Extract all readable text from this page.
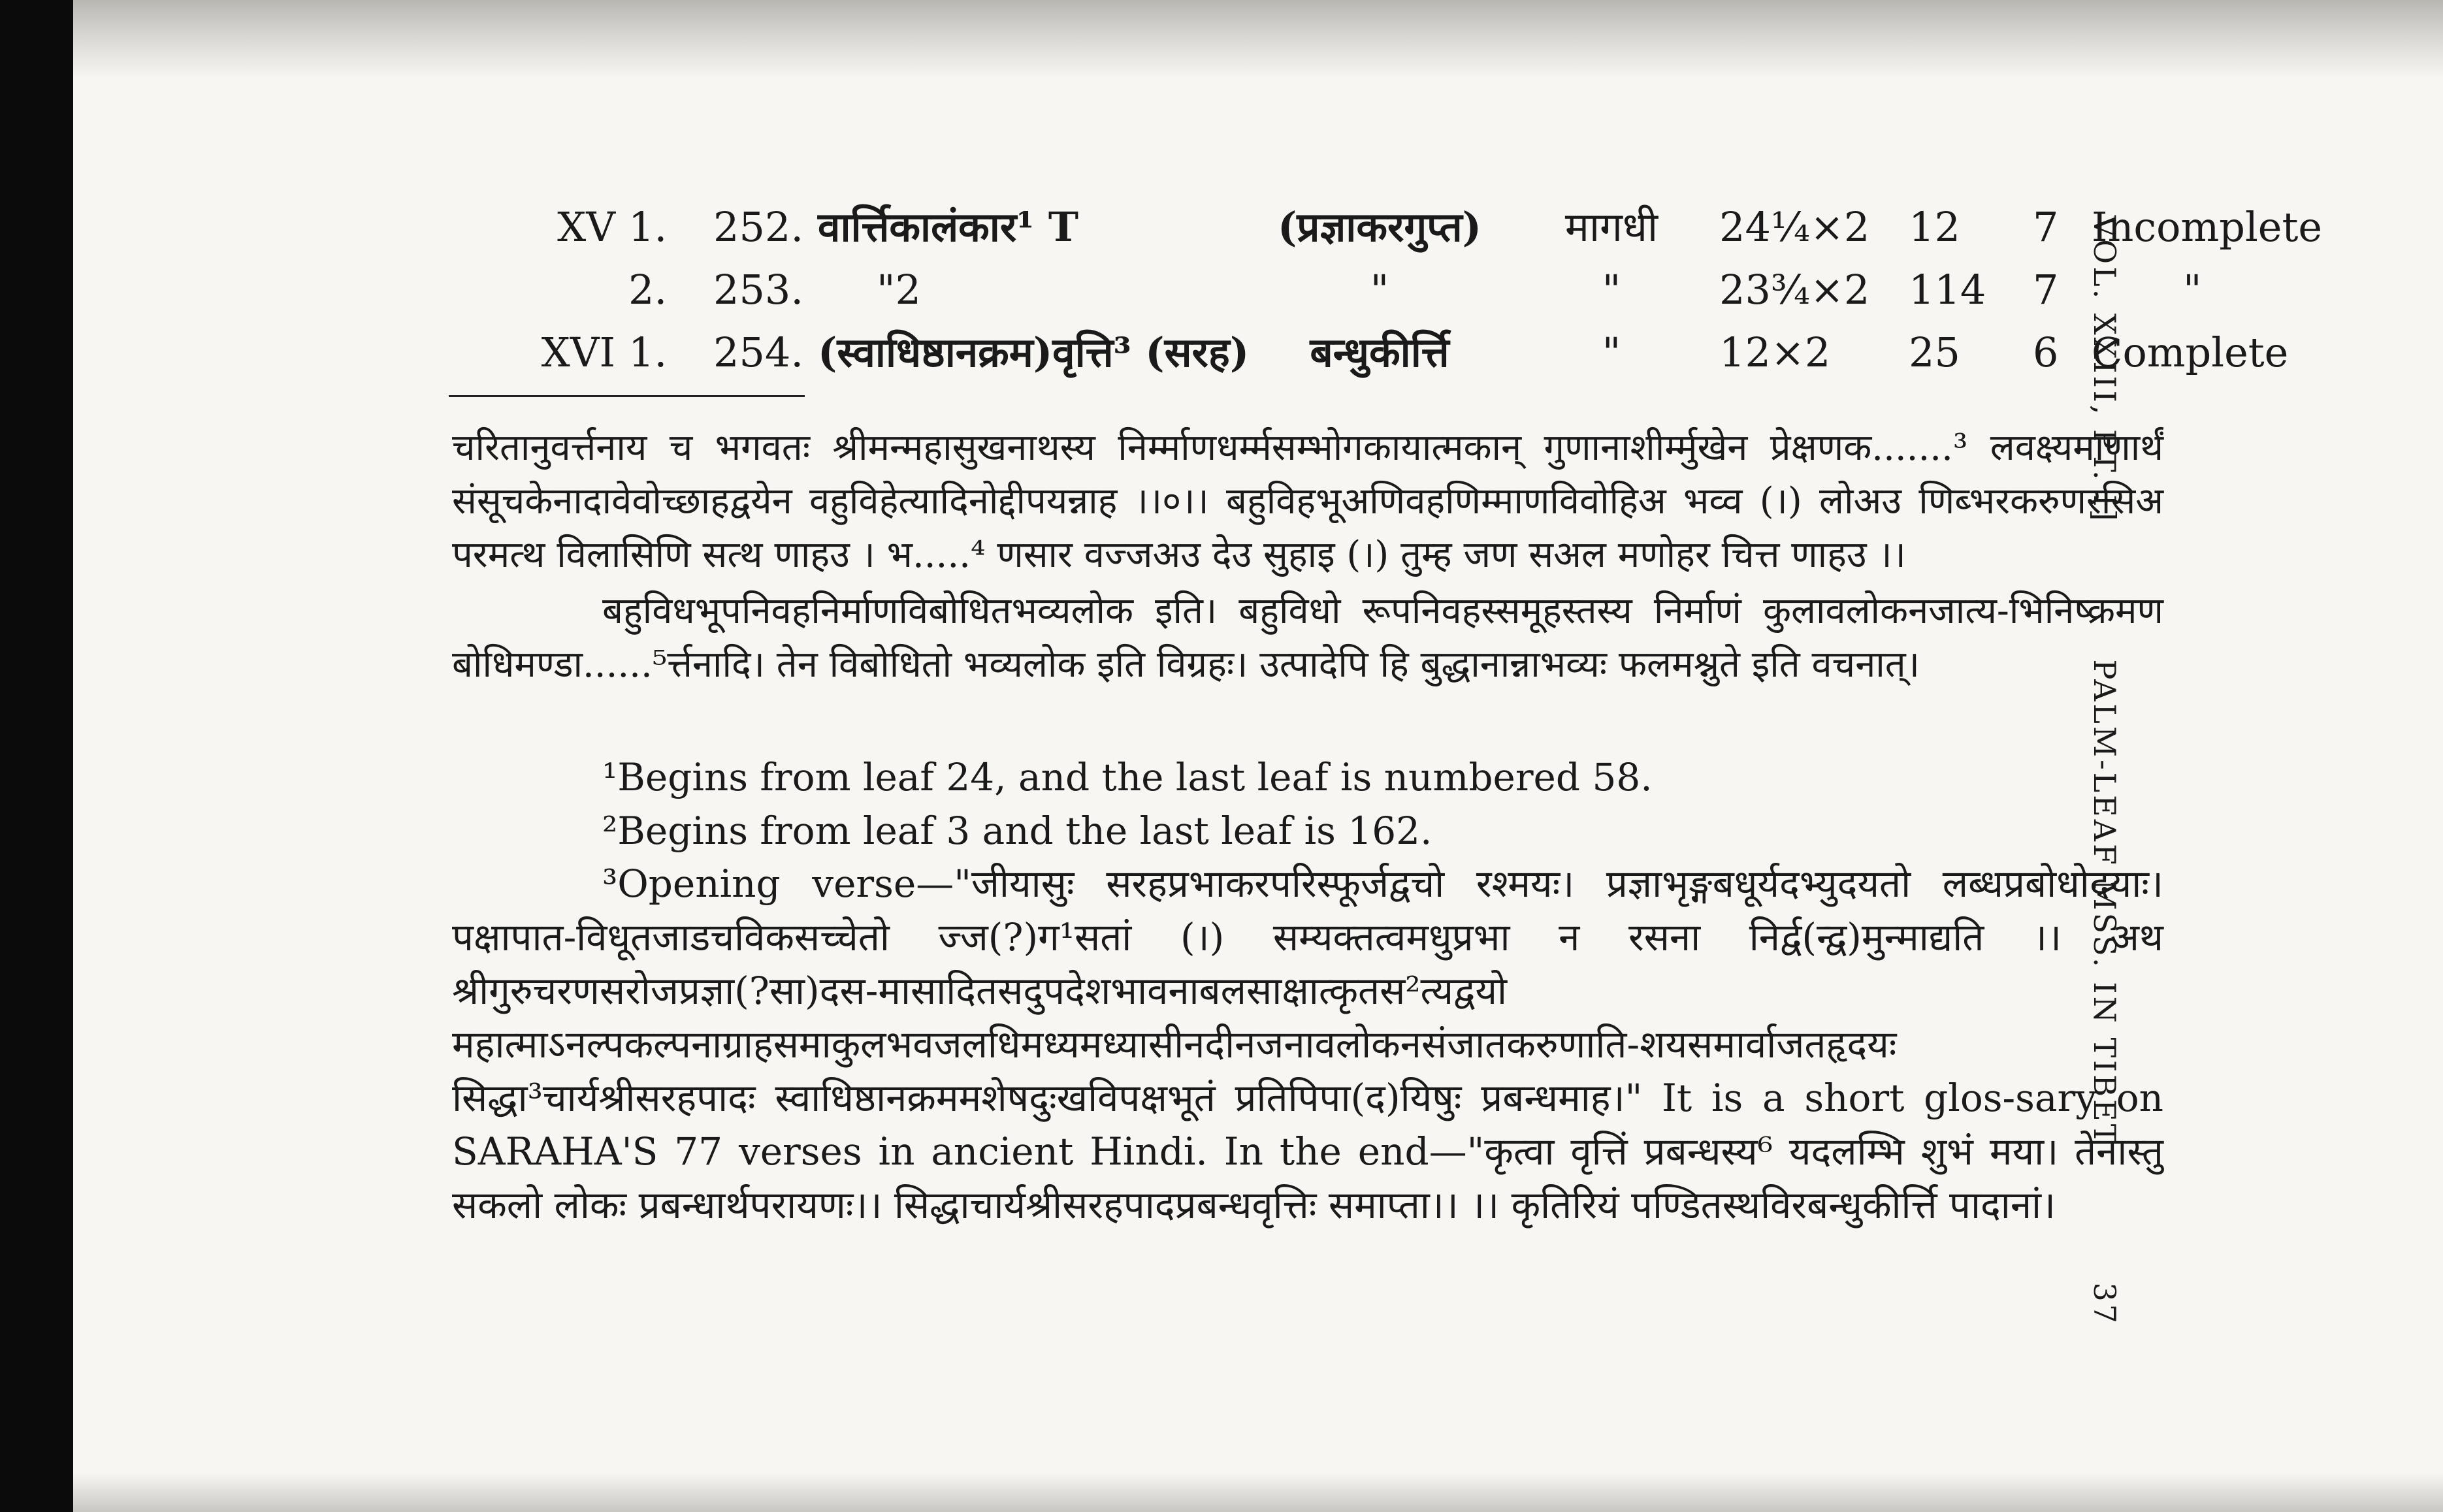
XV 1. 252. वार्त्तिकालंकार¹ T	(प्रज्ञाकरगुप्त)	मागधी	24¼×2 12 7 Incomplete
2. 253.	"2	"	"	23¾×2 114 7	"
XVI 1. 254. (स्वाधिष्ठानक्रम)वृत्ति³ (सरह)	बन्धुकीर्त्ति	"	12×2 25 6 Complete
चरितानुवर्त्तनाय च भगवतः श्रीमन्महासुखनाथस्य निर्म्माणधर्म्मसम्भोगकायात्मकान् गुणानाशीर्म्मुखेन प्रेक्षणक.......³ लवक्ष्यमाणार्थं संसूचकेनादावेवोच्छाहद्वयेन वहुविहेत्यादिनोद्दीपयन्नाह ।।०।। बहुविहभूअणिवहणिम्माणविवोहिअ भव्व (।) लोअउ णिब्भरकरुणरसिअ परमत्थ विलासिणि सत्थ णाहउ । भ.....⁴ णसार वज्जअउ देउ सुहाइ (।) तुम्ह जण सअल मणोहर चित्त णाहउ ।।
बहुविधभूपनिवहनिर्माणविबोधितभव्यलोक इति। बहुविधो रूपनिवहस्समूहस्तस्य निर्माणं कुलावलोकनजात्य-भिनिष्क्रमण बोधिमण्डा......⁵र्त्तनादि। तेन विबोधितो भव्यलोक इति विग्रहः। उत्पादेपि हि बुद्धानान्नाभव्यः फलमश्नुते इति वचनात्।
¹Begins from leaf 24, and the last leaf is numbered 58.
²Begins from leaf 3 and the last leaf is 162.
³Opening verse—"जीयासुः सरहप्रभाकरपरिस्फूर्जद्वचो रश्मयः। प्रज्ञाभृङ्गबधूर्यदभ्युदयतो लब्धप्रबोधोदयाः। पक्षापात-विधूतजाडचविकसच्चेतो ज्ज(?)ग¹सतां (।) सम्यक्तत्वमधुप्रभा न रसना निर्द्व(न्द्व)मुन्माद्यति ।। अथ श्रीगुरुचरणसरोजप्रज्ञा(?सा)दस-मासादितसदुपदेशभावनाबलसाक्षात्कृतस²त्यद्वयो महात्माऽनल्पकल्पनाग्राहसमाकुलभवजलधिमध्यमध्यासीनदीनजनावलोकनसंजातकरुणाति-शयसमार्वाजतहृदयः सिद्धा³चार्यश्रीसरहपादः स्वाधिष्ठानक्रममशेषदुःखविपक्षभूतं प्रतिपिपा(द)यिषुः प्रबन्धमाह।" It is a short glos-sary on SARAHA'S 77 verses in ancient Hindi. In the end—"कृत्वा वृत्तिं प्रबन्धस्य⁶ यदलम्भि शुभं मया। तेनास्तु सकलो लोकः प्रबन्धार्थपरायणः।। सिद्धाचार्यश्रीसरहपादप्रबन्धवृत्तिः समाप्ता।। ।। कृतिरियं पण्डितस्थविरबन्धुकीर्त्ति पादानां।
VOL. XXIII, PT. I]
PALM-LEAF MSS. IN TIBET
37
